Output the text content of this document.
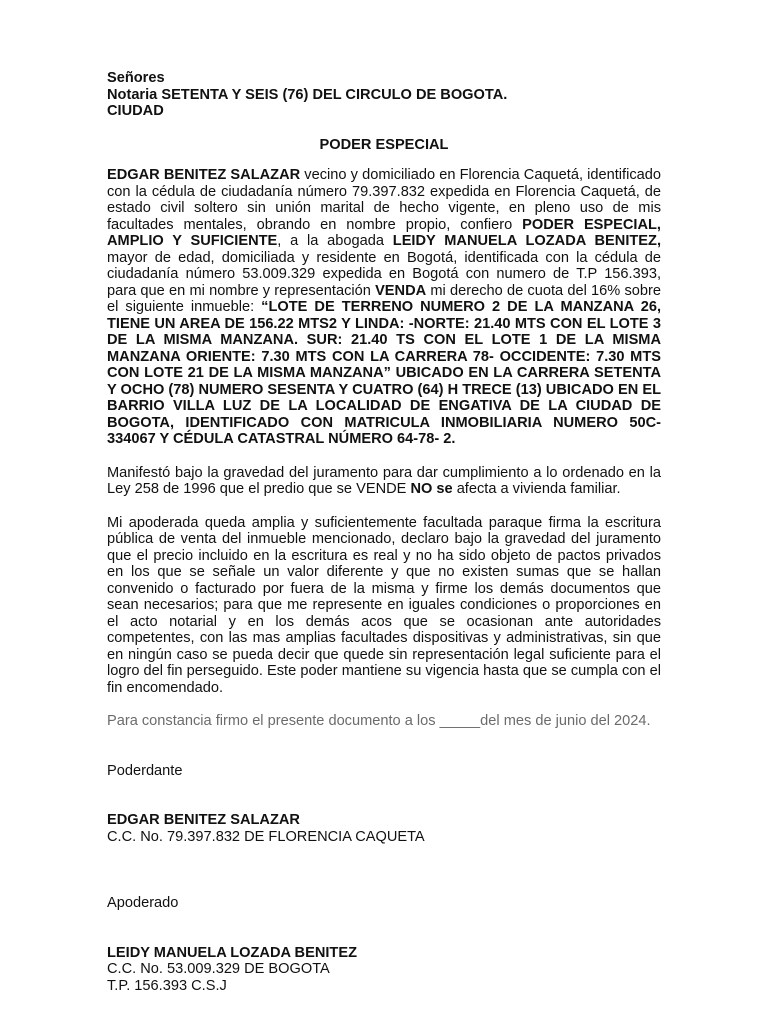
Señores

Notaria SETENTA Y SEIS (76) DEL CIRCULO DE BOGOTA.

CIUDAD

PODER ESPECIAL

EDGAR BENITEZ SALAZAR vecino y domiciliado en Florencia Caquetá, identificado con la cédula de ciudadanía número 79.397.832 expedida en Florencia Caquetá, de estado civil soltero sin unión marital de hecho vigente, en pleno uso de mis facultades mentales, obrando en nombre propio, confiero PODER ESPECIAL, AMPLIO Y SUFICIENTE, a la abogada LEIDY MANUELA LOZADA BENITEZ, mayor de edad, domiciliada y residente en Bogotá, identificada con la cédula de ciudadanía número 53.009.329 expedida en Bogotá con numero de T.P 156.393, para que en mi nombre y representación VENDA mi derecho de cuota del 16% sobre el siguiente inmueble: “LOTE DE TERRENO NUMERO 2 DE LA MANZANA 26, TIENE UN AREA DE 156.22 MTS2 Y LINDA: -NORTE: 21.40 MTS CON EL LOTE 3 DE LA MISMA MANZANA. SUR: 21.40 TS CON EL LOTE 1 DE LA MISMA MANZANA ORIENTE: 7.30 MTS CON LA CARRERA 78- OCCIDENTE: 7.30 MTS CON LOTE 21 DE LA MISMA MANZANA” UBICADO EN LA CARRERA SETENTA Y OCHO (78) NUMERO SESENTA Y CUATRO (64) H TRECE (13) UBICADO EN EL BARRIO VILLA LUZ DE LA LOCALIDAD DE ENGATIVA DE LA CIUDAD DE BOGOTA, IDENTIFICADO CON MATRICULA INMOBILIARIA NUMERO 50C-334067 Y CÉDULA CATASTRAL NÚMERO 64-78- 2.

Manifestó bajo la gravedad del juramento para dar cumplimiento a lo ordenado en la Ley 258 de 1996 que el predio que se VENDE NO se afecta a vivienda familiar.

Mi apoderada queda amplia y suficientemente facultada paraque firma la escritura pública de venta del inmueble mencionado, declaro bajo la gravedad del juramento que el precio incluido en la escritura es real y no ha sido objeto de pactos privados en los que se señale un valor diferente y que no existen sumas que se hallan convenido o facturado por fuera de la misma y firme los demás documentos que sean necesarios; para que me represente en iguales condiciones o proporciones en el acto notarial y en los demás acos que se ocasionan ante autoridades competentes, con las mas amplias facultades dispositivas y administrativas, sin que en ningún caso se pueda decir que quede sin representación legal suficiente para el logro del fin perseguido. Este poder mantiene su vigencia hasta que se cumpla con el fin encomendado.

Para constancia firmo el presente documento a los _____del mes de junio del 2024.

Poderdante

EDGAR BENITEZ SALAZAR

C.C. No. 79.397.832 DE FLORENCIA CAQUETA

Apoderado

LEIDY MANUELA LOZADA BENITEZ

C.C. No. 53.009.329 DE BOGOTA

T.P. 156.393 C.S.J
